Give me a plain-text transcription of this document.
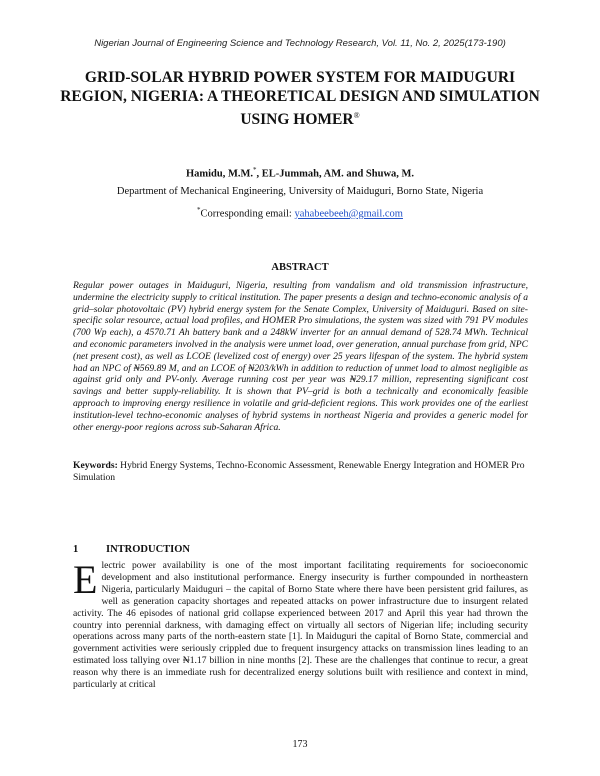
Nigerian Journal of Engineering Science and Technology Research, Vol. 11, No. 2, 2025(173-190)
GRID-SOLAR HYBRID POWER SYSTEM FOR MAIDUGURI REGION, NIGERIA: A THEORETICAL DESIGN AND SIMULATION USING HOMER®
Hamidu, M.M.*, EL-Jummah, AM. and Shuwa, M.
Department of Mechanical Engineering, University of Maiduguri, Borno State, Nigeria
*Corresponding email: yahabeebeeh@gmail.com
ABSTRACT

Regular power outages in Maiduguri, Nigeria, resulting from vandalism and old transmission infrastructure, undermine the electricity supply to critical institution. The paper presents a design and techno-economic analysis of a grid–solar photovoltaic (PV) hybrid energy system for the Senate Complex, University of Maiduguri. Based on site-specific solar resource, actual load profiles, and HOMER Pro simulations, the system was sized with 791 PV modules (700 Wp each), a 4570.71 Ah battery bank and a 248kW inverter for an annual demand of 528.74 MWh. Technical and economic parameters involved in the analysis were unmet load, over generation, annual purchase from grid, NPC (net present cost), as well as LCOE (levelized cost of energy) over 25 years lifespan of the system. The hybrid system had an NPC of ₦569.89 M, and an LCOE of ₦203/kWh in addition to reduction of unmet load to almost negligible as against grid only and PV-only. Average running cost per year was ₦29.17 million, representing significant cost savings and better supply-reliability. It is shown that PV–grid is both a technically and economically feasible approach to improving energy resilience in volatile and grid-deficient regions. This work provides one of the earliest institution-level techno-economic analyses of hybrid systems in northeast Nigeria and provides a generic model for other energy-poor regions across sub-Saharan Africa.

Keywords: Hybrid Energy Systems, Techno-Economic Assessment, Renewable Energy Integration and HOMER Pro Simulation

1	INTRODUCTION

Electric power availability is one of the most important facilitating requirements for socioeconomic development and also institutional performance. Energy insecurity is further compounded in northeastern Nigeria, particularly Maiduguri – the capital of Borno State where there have been persistent grid failures, as well as generation capacity shortages and repeated attacks on power infrastructure due to insurgent related activity. The 46 episodes of national grid collapse experienced between 2017 and April this year had thrown the country into perennial darkness, with damaging effect on virtually all sectors of Nigerian life; including security operations across many parts of the north-eastern state [1]. In Maiduguri the capital of Borno State, commercial and government activities were seriously crippled due to frequent insurgency attacks on transmission lines leading to an estimated loss tallying over ₦1.17 billion in nine months [2]. These are the challenges that continue to recur, a great reason why there is an immediate rush for decentralized energy solutions built with resilience and context in mind, particularly at critical

173
